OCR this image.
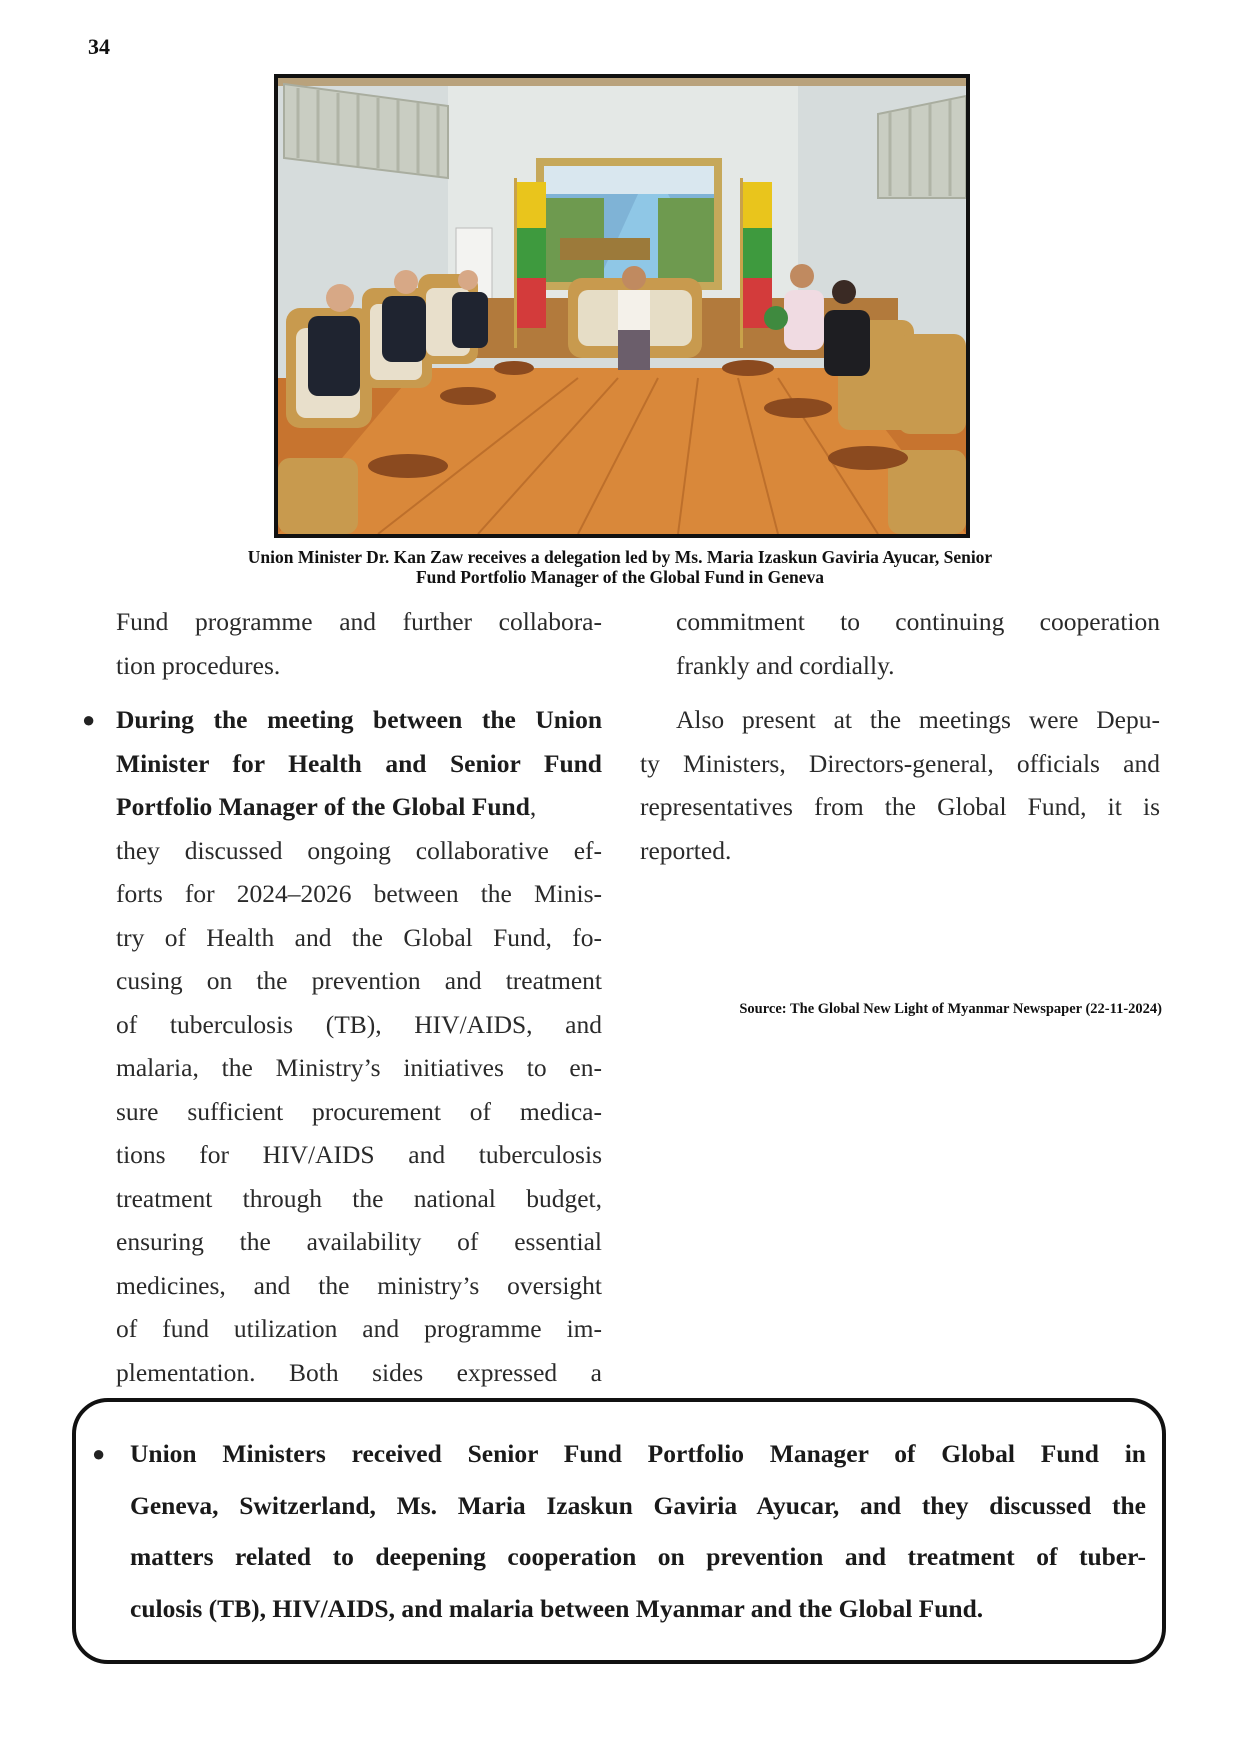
34
Union Minister Dr. Kan Zaw receives a delegation led by Ms. Maria Izaskun Gaviria Ayucar, Senior
Fund Portfolio Manager of the Global Fund in Geneva

Fund programme and further collabora-

tion procedures.

● During the meeting between the Union

Minister for Health and Senior Fund

Portfolio Manager of the Global Fund,

they discussed ongoing collaborative ef-

forts for 2024–2026 between the Minis-

try of Health and the Global Fund, fo-

cusing on the prevention and treatment

of tuberculosis (TB), HIV/AIDS, and

malaria, the Ministry’s initiatives to en-

sure sufficient procurement of medica-

tions for HIV/AIDS and tuberculosis

treatment through the national budget,

ensuring the availability of essential

medicines, and the ministry’s oversight

of fund utilization and programme im-

plementation. Both sides expressed a

commitment to continuing cooperation

frankly and cordially.

Also present at the meetings were Depu-

ty Ministers, Directors-general, officials and

representatives from the Global Fund, it is

reported.

Source: The Global New Light of Myanmar Newspaper (22-11-2024)
● Union Ministers received Senior Fund Portfolio Manager of Global Fund in
Geneva, Switzerland, Ms. Maria Izaskun Gaviria Ayucar, and they discussed the
matters related to deepening cooperation on prevention and treatment of tuber-
culosis (TB), HIV/AIDS, and malaria between Myanmar and the Global Fund.
